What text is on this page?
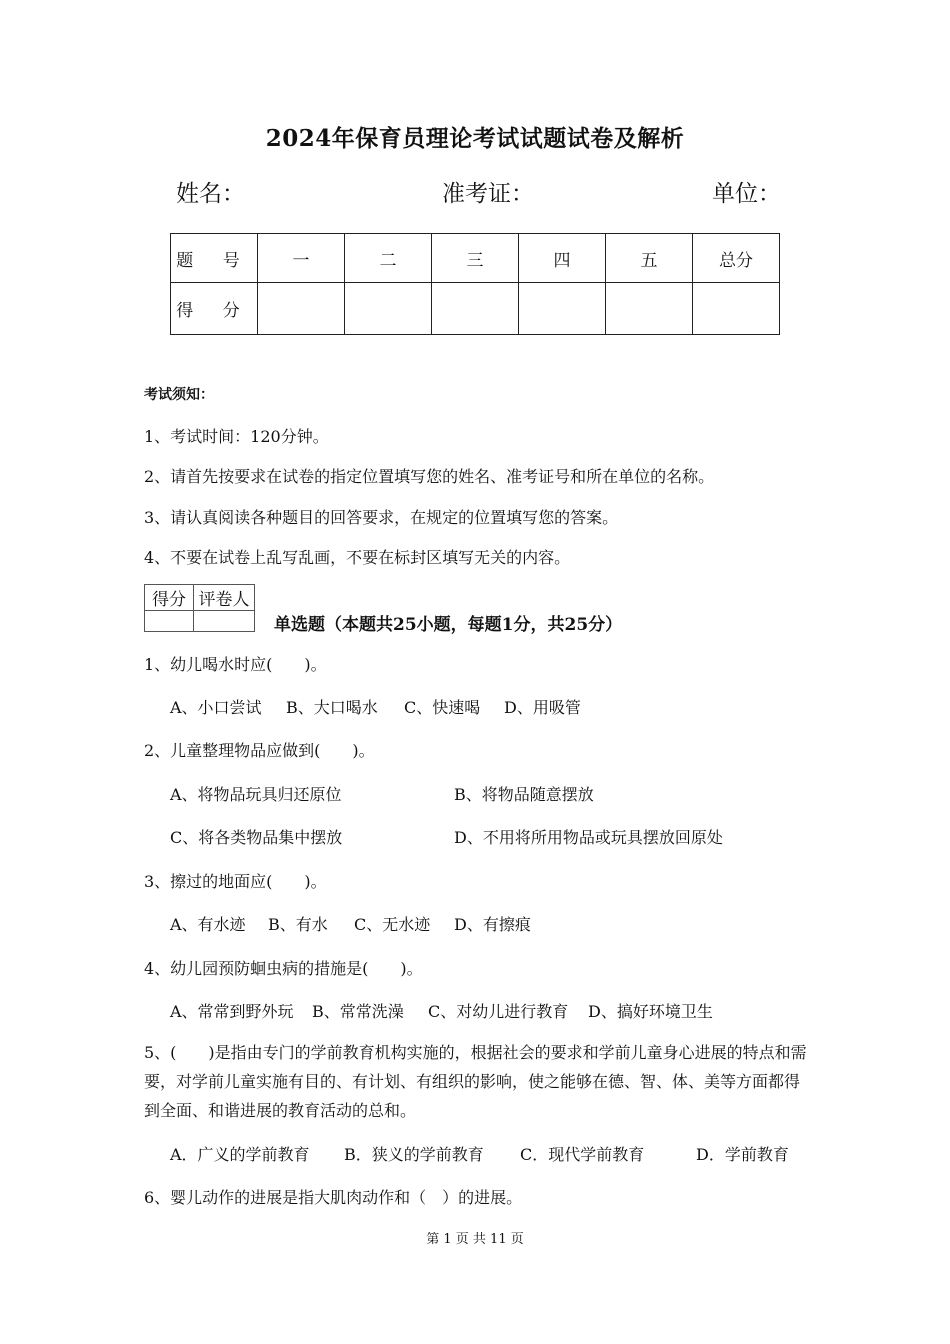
2024年保育员理论考试试题试卷及解析
姓名：	准考证：	单位：
题 号	一	二	三	四	五	总分
得 分						
考试须知：
1、考试时间：120分钟。
2、请首先按要求在试卷的指定位置填写您的姓名、准考证号和所在单位的名称。
3、请认真阅读各种题目的回答要求，在规定的位置填写您的答案。
4、不要在试卷上乱写乱画，不要在标封区填写无关的内容。
得分	评卷人

单选题（本题共25小题，每题1分，共25分）
1、幼儿喝水时应(　　)。
A、小口尝试 B、大口喝水 C、快速喝 D、用吸管
2、儿童整理物品应做到(　　)。
A、将物品玩具归还原位	B、将物品随意摆放
C、将各类物品集中摆放	D、不用将所用物品或玩具摆放回原处
3、擦过的地面应(　　)。
A、有水迹 B、有水 C、无水迹 D、有擦痕
4、幼儿园预防蛔虫病的措施是(　　)。
A、常常到野外玩 B、常常洗澡 C、对幼儿进行教育 D、搞好环境卫生
5、(　　)是指由专门的学前教育机构实施的，根据社会的要求和学前儿童身心进展的特点和需要，对学前儿童实施有目的、有计划、有组织的影响，使之能够在德、智、体、美等方面都得到全面、和谐进展的教育活动的总和。
A．广义的学前教育 B．狭义的学前教育 C．现代学前教育	D．学前教育
6、婴儿动作的进展是指大肌肉动作和（　）的进展。
第 1 页 共 11 页
